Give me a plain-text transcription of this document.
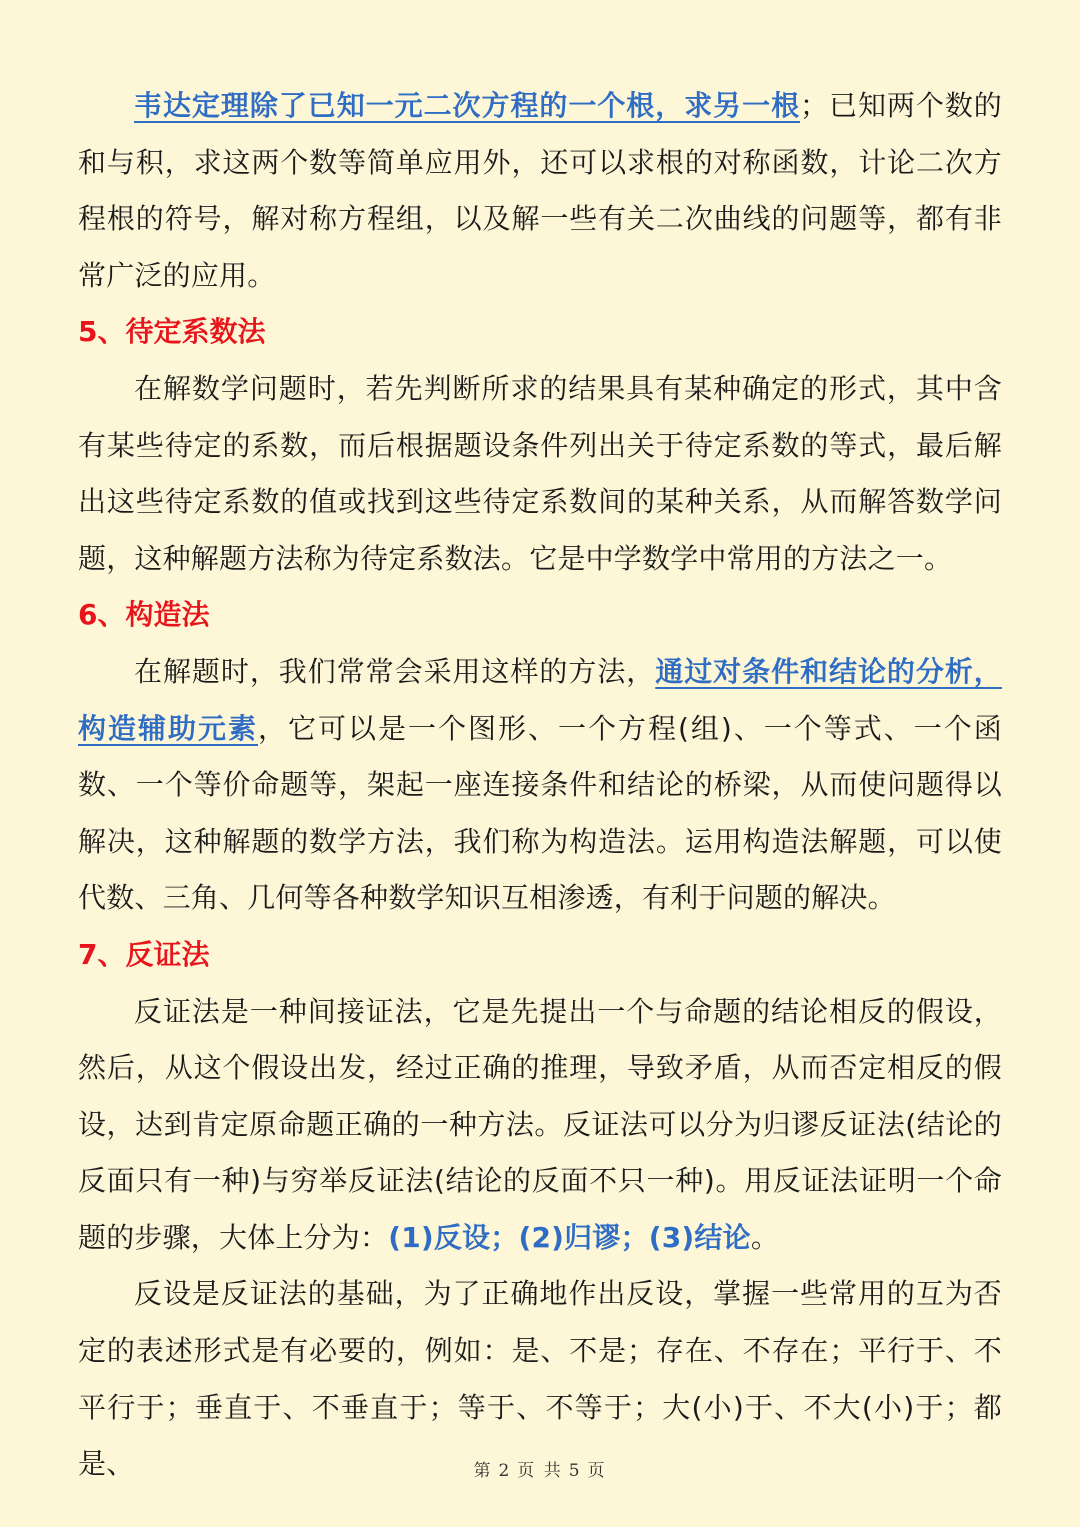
韦达定理除了已知一元二次方程的一个根，求另一根；已知两个数的和与积，求这两个数等简单应用外，还可以求根的对称函数，计论二次方程根的符号，解对称方程组，以及解一些有关二次曲线的问题等，都有非常广泛的应用。

5、待定系数法

在解数学问题时，若先判断所求的结果具有某种确定的形式，其中含有某些待定的系数，而后根据题设条件列出关于待定系数的等式，最后解出这些待定系数的值或找到这些待定系数间的某种关系，从而解答数学问题，这种解题方法称为待定系数法。它是中学数学中常用的方法之一。

6、构造法

在解题时，我们常常会采用这样的方法，通过对条件和结论的分析，构造辅助元素，它可以是一个图形、一个方程(组)、一个等式、一个函数、一个等价命题等，架起一座连接条件和结论的桥梁，从而使问题得以解决，这种解题的数学方法，我们称为构造法。运用构造法解题，可以使代数、三角、几何等各种数学知识互相渗透，有利于问题的解决。

7、反证法

反证法是一种间接证法，它是先提出一个与命题的结论相反的假设，然后，从这个假设出发，经过正确的推理，导致矛盾，从而否定相反的假设，达到肯定原命题正确的一种方法。反证法可以分为归谬反证法(结论的反面只有一种)与穷举反证法(结论的反面不只一种)。用反证法证明一个命题的步骤，大体上分为：(1)反设；(2)归谬；(3)结论。

反设是反证法的基础，为了正确地作出反设，掌握一些常用的互为否定的表述形式是有必要的，例如：是、不是；存在、不存在；平行于、不平行于；垂直于、不垂直于；等于、不等于；大(小)于、不大(小)于；都是、	第 2 页 共 5 页
